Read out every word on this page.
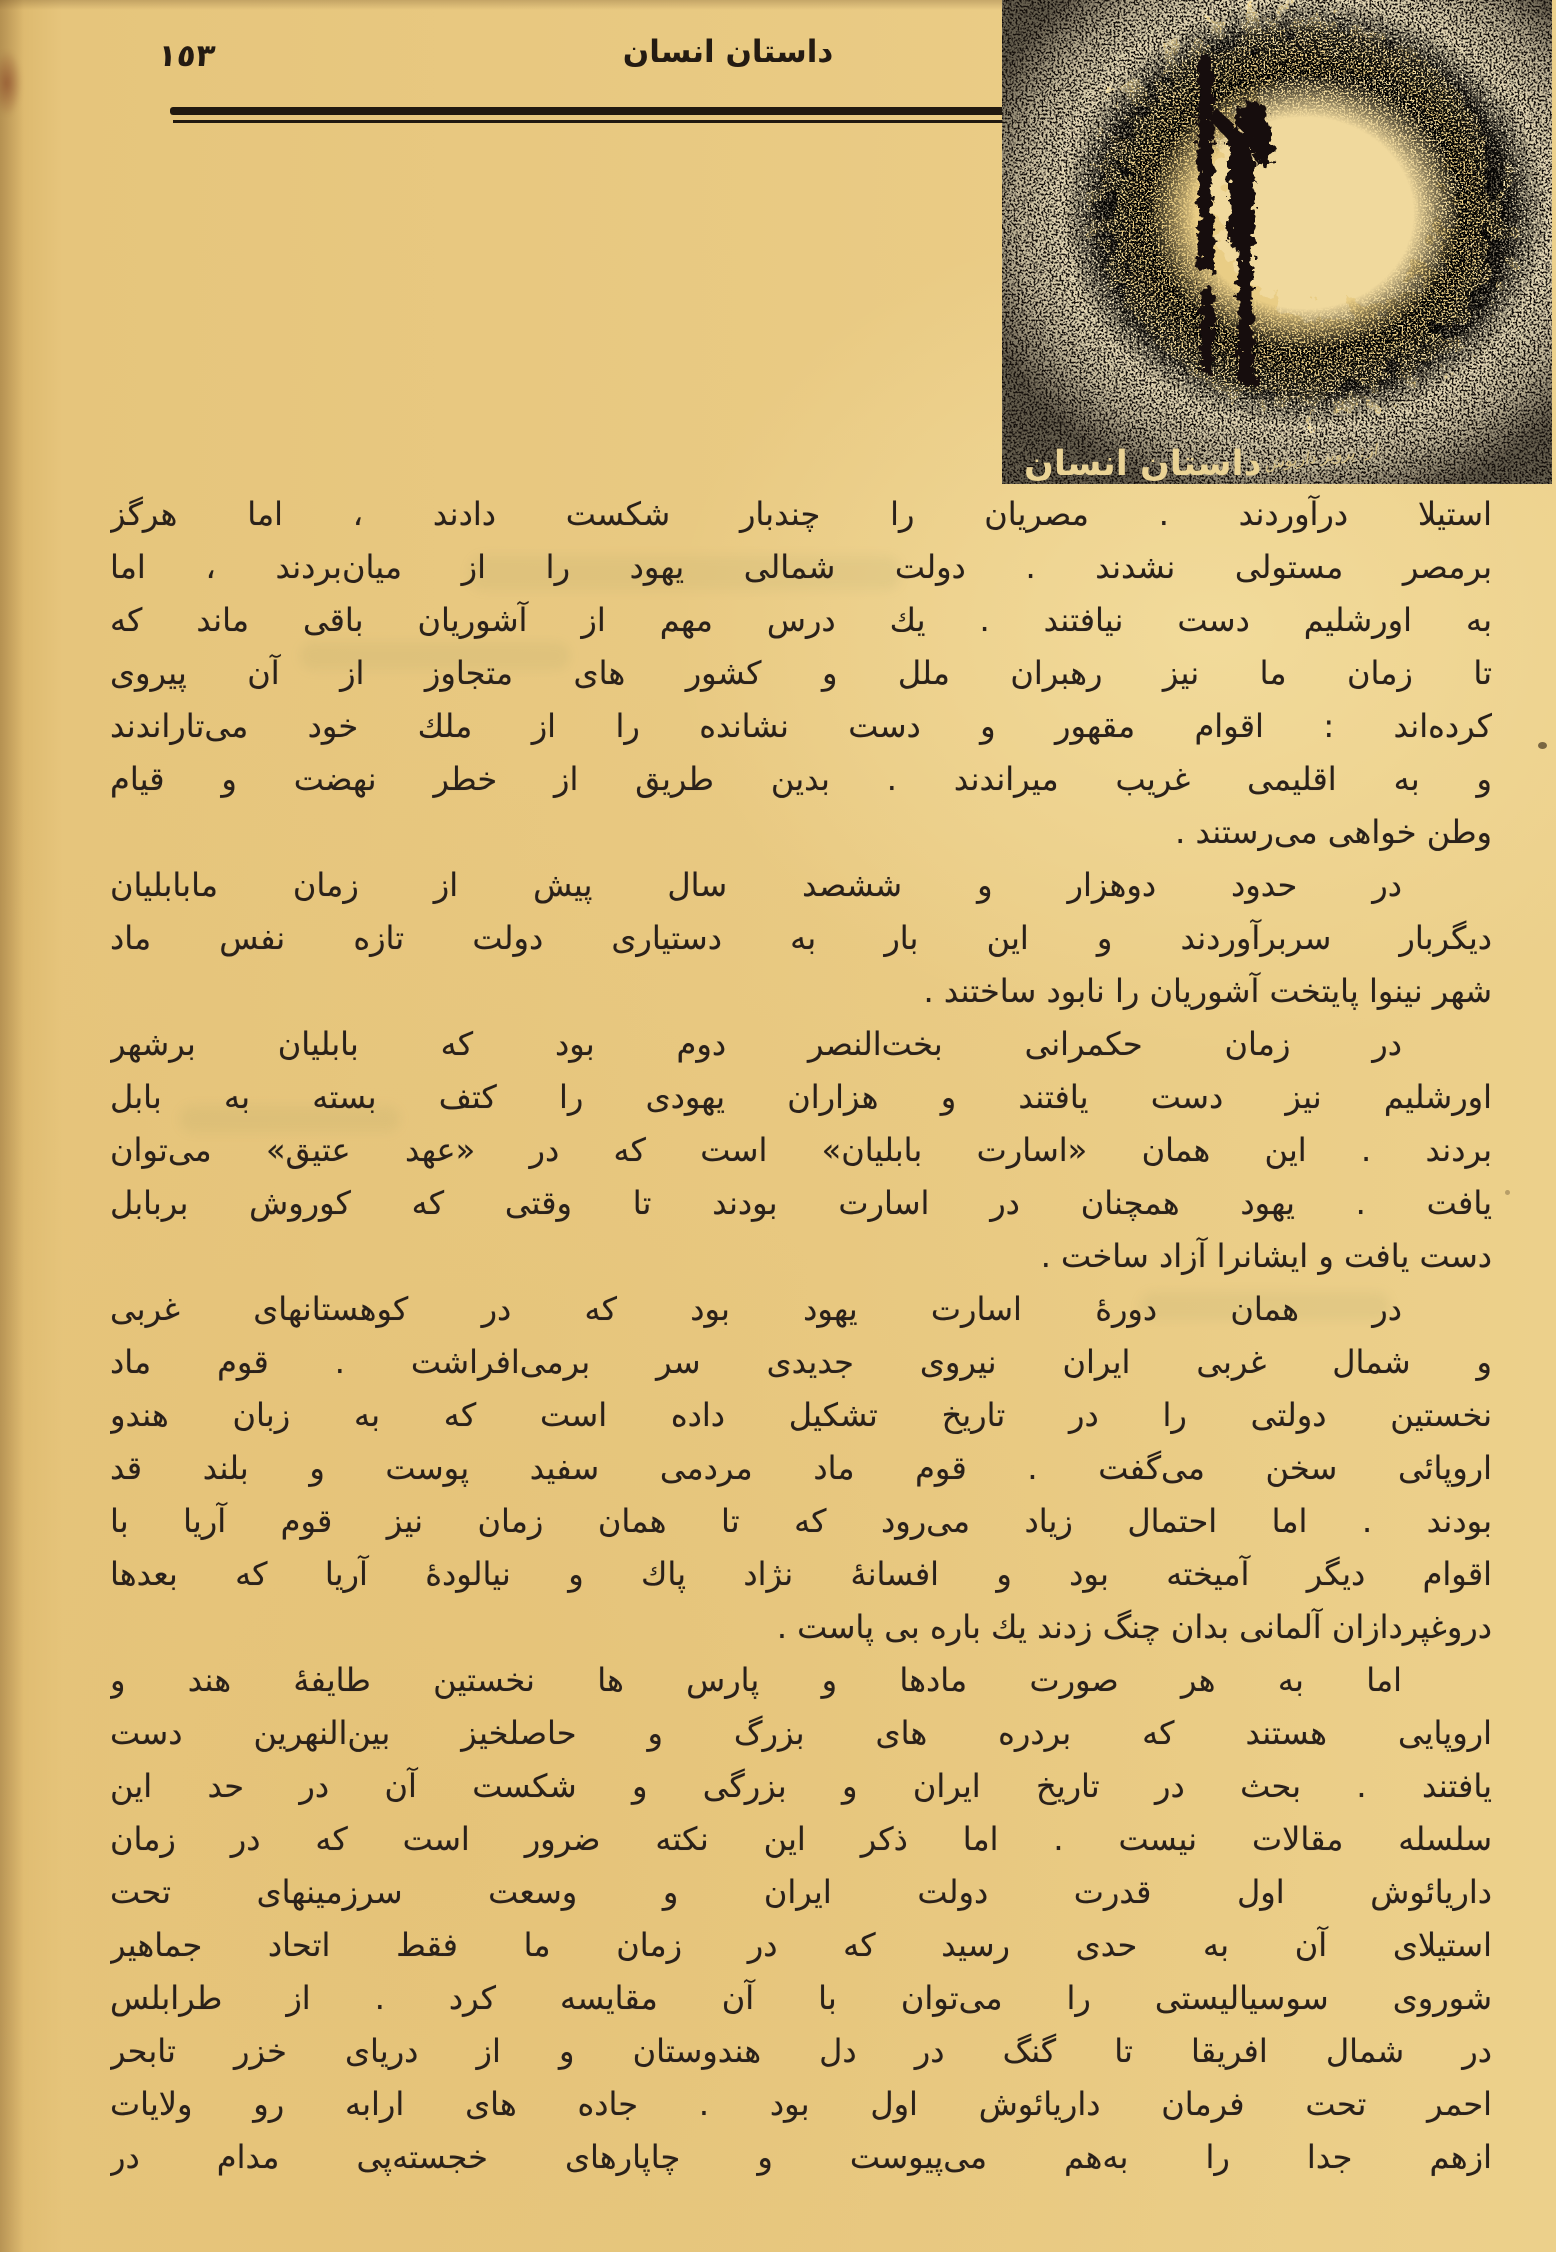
١٥٣	داستان انسان
داستان انسان از: پرویز داریوش
استیلا درآوردند . مصریان را چندبار شکست دادند ، اما هرگز
برمصر مستولی نشدند . دولت شمالی یهود را از میان‌بردند ، اما
به اورشلیم دست نیافتند . یك درس مهم از آشوریان باقی ماند که
تا زمان ما نیز رهبران ملل و کشور های متجاوز از آن پیروی
کرده‌اند : اقوام مقهور و دست نشانده را از ملك خود می‌تاراندند
و به اقلیمی غریب میراندند . بدین طریق از خطر نهضت و قیام
وطن خواهی می‌رستند .
در حدود دوهزار و ششصد سال پیش از زمان مابابلیان
دیگربار سربرآوردند و این بار به دستیاری دولت تازه نفس ماد
شهر نینوا پایتخت آشوریان را نابود ساختند .
در زمان حکمرانی بخت‌النصر دوم بود که بابلیان برشهر
اورشلیم نیز دست یافتند و هزاران یهودی را کتف بسته به بابل
بردند . این همان «اسارت بابلیان» است که در «عهد عتیق» می‌توان
یافت . یهود همچنان در اسارت بودند تا وقتی که کوروش بربابل
دست یافت و ایشانرا آزاد ساخت .
در همان دورهٔ اسارت یهود بود که در کوهستانهای غربی
و شمال غربی ایران نیروی جدیدی سر برمی‌افراشت . قوم ماد
نخستین دولتی را در تاریخ تشکیل داده است که به زبان هندو
اروپائی سخن می‌گفت . قوم ماد مردمی سفید پوست و بلند قد
بودند . اما احتمال زیاد می‌رود که تا همان زمان نیز قوم آریا با
اقوام دیگر آمیخته بود و افسانهٔ نژاد پاك و نیالودهٔ آریا که بعدها
دروغپردازان آلمانی بدان چنگ زدند یك باره بی پاست .
اما به هر صورت مادها و پارس ها نخستین طایفهٔ هند و
اروپایی هستند که بردره های بزرگ و حاصلخیز بین‌النهرین دست
یافتند . بحث در تاریخ ایران و بزرگی و شکست آن در حد این
سلسله مقالات نیست . اما ذکر این نکته ضرور است که در زمان
داریائوش اول قدرت دولت ایران و وسعت سرزمینهای تحت
استیلای آن به حدی رسید که در زمان ما فقط اتحاد جماهیر
شوروی سوسیالیستی را می‌توان با آن مقایسه کرد . از طرابلس
در شمال افریقا تا گنگ در دل هندوستان و از دریای خزر تابحر
احمر تحت فرمان داریائوش اول بود . جاده های ارابه رو ولایات
ازهم جدا را به‌هم می‌پیوست و چاپارهای خجسته‌پی مدام در
